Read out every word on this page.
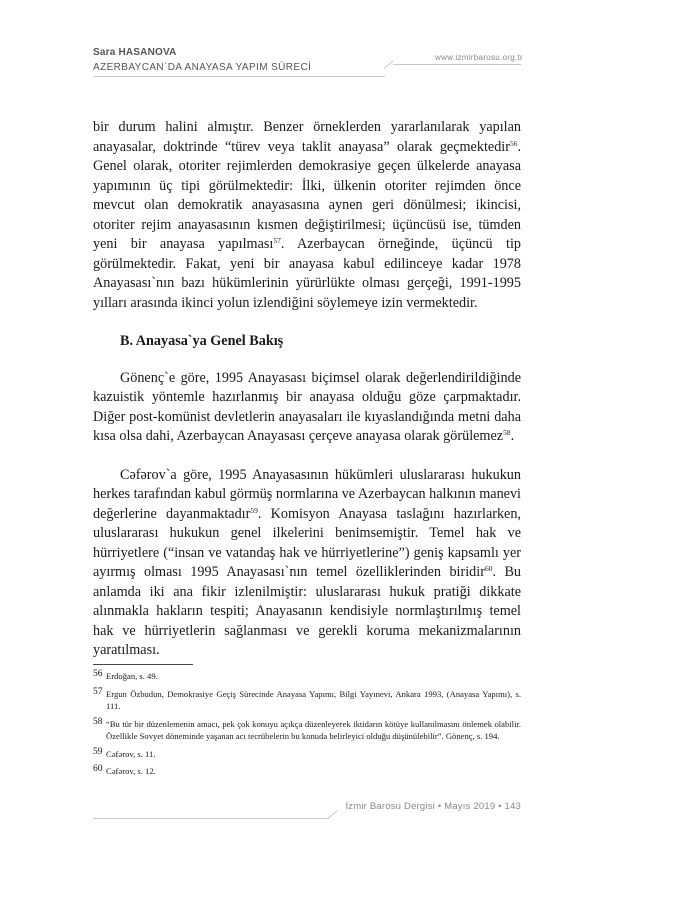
Sara HASANOVA
AZERBAYCAN`DA ANAYASA YAPIM SÜRECİ
www.izmirbarosu.org.tr

bir durum halini almıştır. Benzer örneklerden yararlanılarak yapılan anayasalar, doktrinde “türev veya taklit anayasa” olarak geçmektedir$^{56}$. Genel olarak, otoriter rejimlerden demokrasiye geçen ülkelerde anayasa yapımının üç tipi görülmektedir: İlki, ülkenin otoriter rejimden önce mevcut olan demokratik anayasasına aynen geri dönülmesi; ikincisi, otoriter rejim anayasasının kısmen değiştirilmesi; üçüncüsü ise, tümden yeni bir anayasa yapılması$^{57}$. Azerbaycan örneğinde, üçüncü tip görülmektedir. Fakat, yeni bir anayasa kabul edilinceye kadar 1978 Anayasası`nın bazı hükümlerinin yürürlükte olması gerçeği, 1991-1995 yılları arasında ikinci yolun izlendiğini söylemeye izin vermektedir.

B. Anayasa`ya Genel Bakış

Gönenç`e göre, 1995 Anayasası biçimsel olarak değerlendirildiğinde kazuistik yöntemle hazırlanmış bir anayasa olduğu göze çarpmaktadır. Diğer post-komünist devletlerin anayasaları ile kıyaslandığında metni daha kısa olsa dahi, Azerbaycan Anayasası çerçeve anayasa olarak görülemez$^{58}$.

Cəfərov`a göre, 1995 Anayasasının hükümleri uluslararası hukukun herkes tarafından kabul görmüş normlarına ve Azerbaycan halkının manevi değerlerine dayanmaktadır$^{59}$. Komisyon Anayasa taslağını hazırlarken, uluslararası hukukun genel ilkelerini benimsemiştir. Temel hak ve hürriyetlere (“insan ve vatandaş hak ve hürriyetlerine”) geniş kapsamlı yer ayırmış olması 1995 Anayasası`nın temel özelliklerinden biridir$^{60}$. Bu anlamda iki ana fikir izlenilmiştir: uluslararası hukuk pratiği dikkate alınmakla hakların tespiti; Anayasanın kendisiyle normlaştırılmış temel hak ve hürriyetlerin sağlanması ve gerekli koruma mekanizmalarının yaratılması.

56 Erdoğan, s. 49.
57 Ergun Özbudun, Demokrasiye Geçiş Sürecinde Anayasa Yapımı, Bilgi Yayınevi, Ankara 1993, (Anayasa Yapımı), s. 111.
58 “Bu tür bir düzenlemenin amacı, pek çok konuyu açıkça düzenleyerek iktidarın kötüye kullanılmasını önlemek olabilir. Özellikle Sovyet döneminde yaşanan acı tecrübelerin bu konuda belirleyici olduğu düşünülebilir”. Gönenç, s. 194.
59 Cəfərov, s. 11.
60 Cəfərov, s. 12.
İzmir Barosu Dergisi • Mayıs 2019 • 143
